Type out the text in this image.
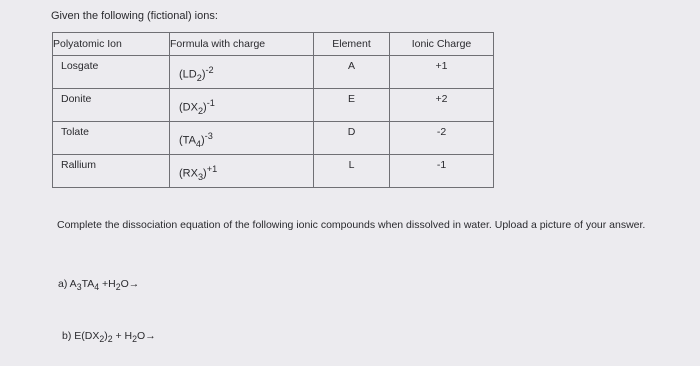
Given the following (fictional) ions:
Polyatomic Ion	Formula with charge	Element	Ionic Charge

Losgate	$(LD_2)^{-2}$	A	+1

Donite	$(DX_2)^{-1}$	E	+2

Tolate	$(TA_4)^{-3}$	D	-2

Rallium	$(RX_3)^{+1}$	L	-1
Complete the dissociation equation of the following ionic compounds when dissolved in water. Upload a picture of your answer.
a) $A_3TA_4 +H_2O\to$
b) $E(DX_2)_2 + H_2O\to$
